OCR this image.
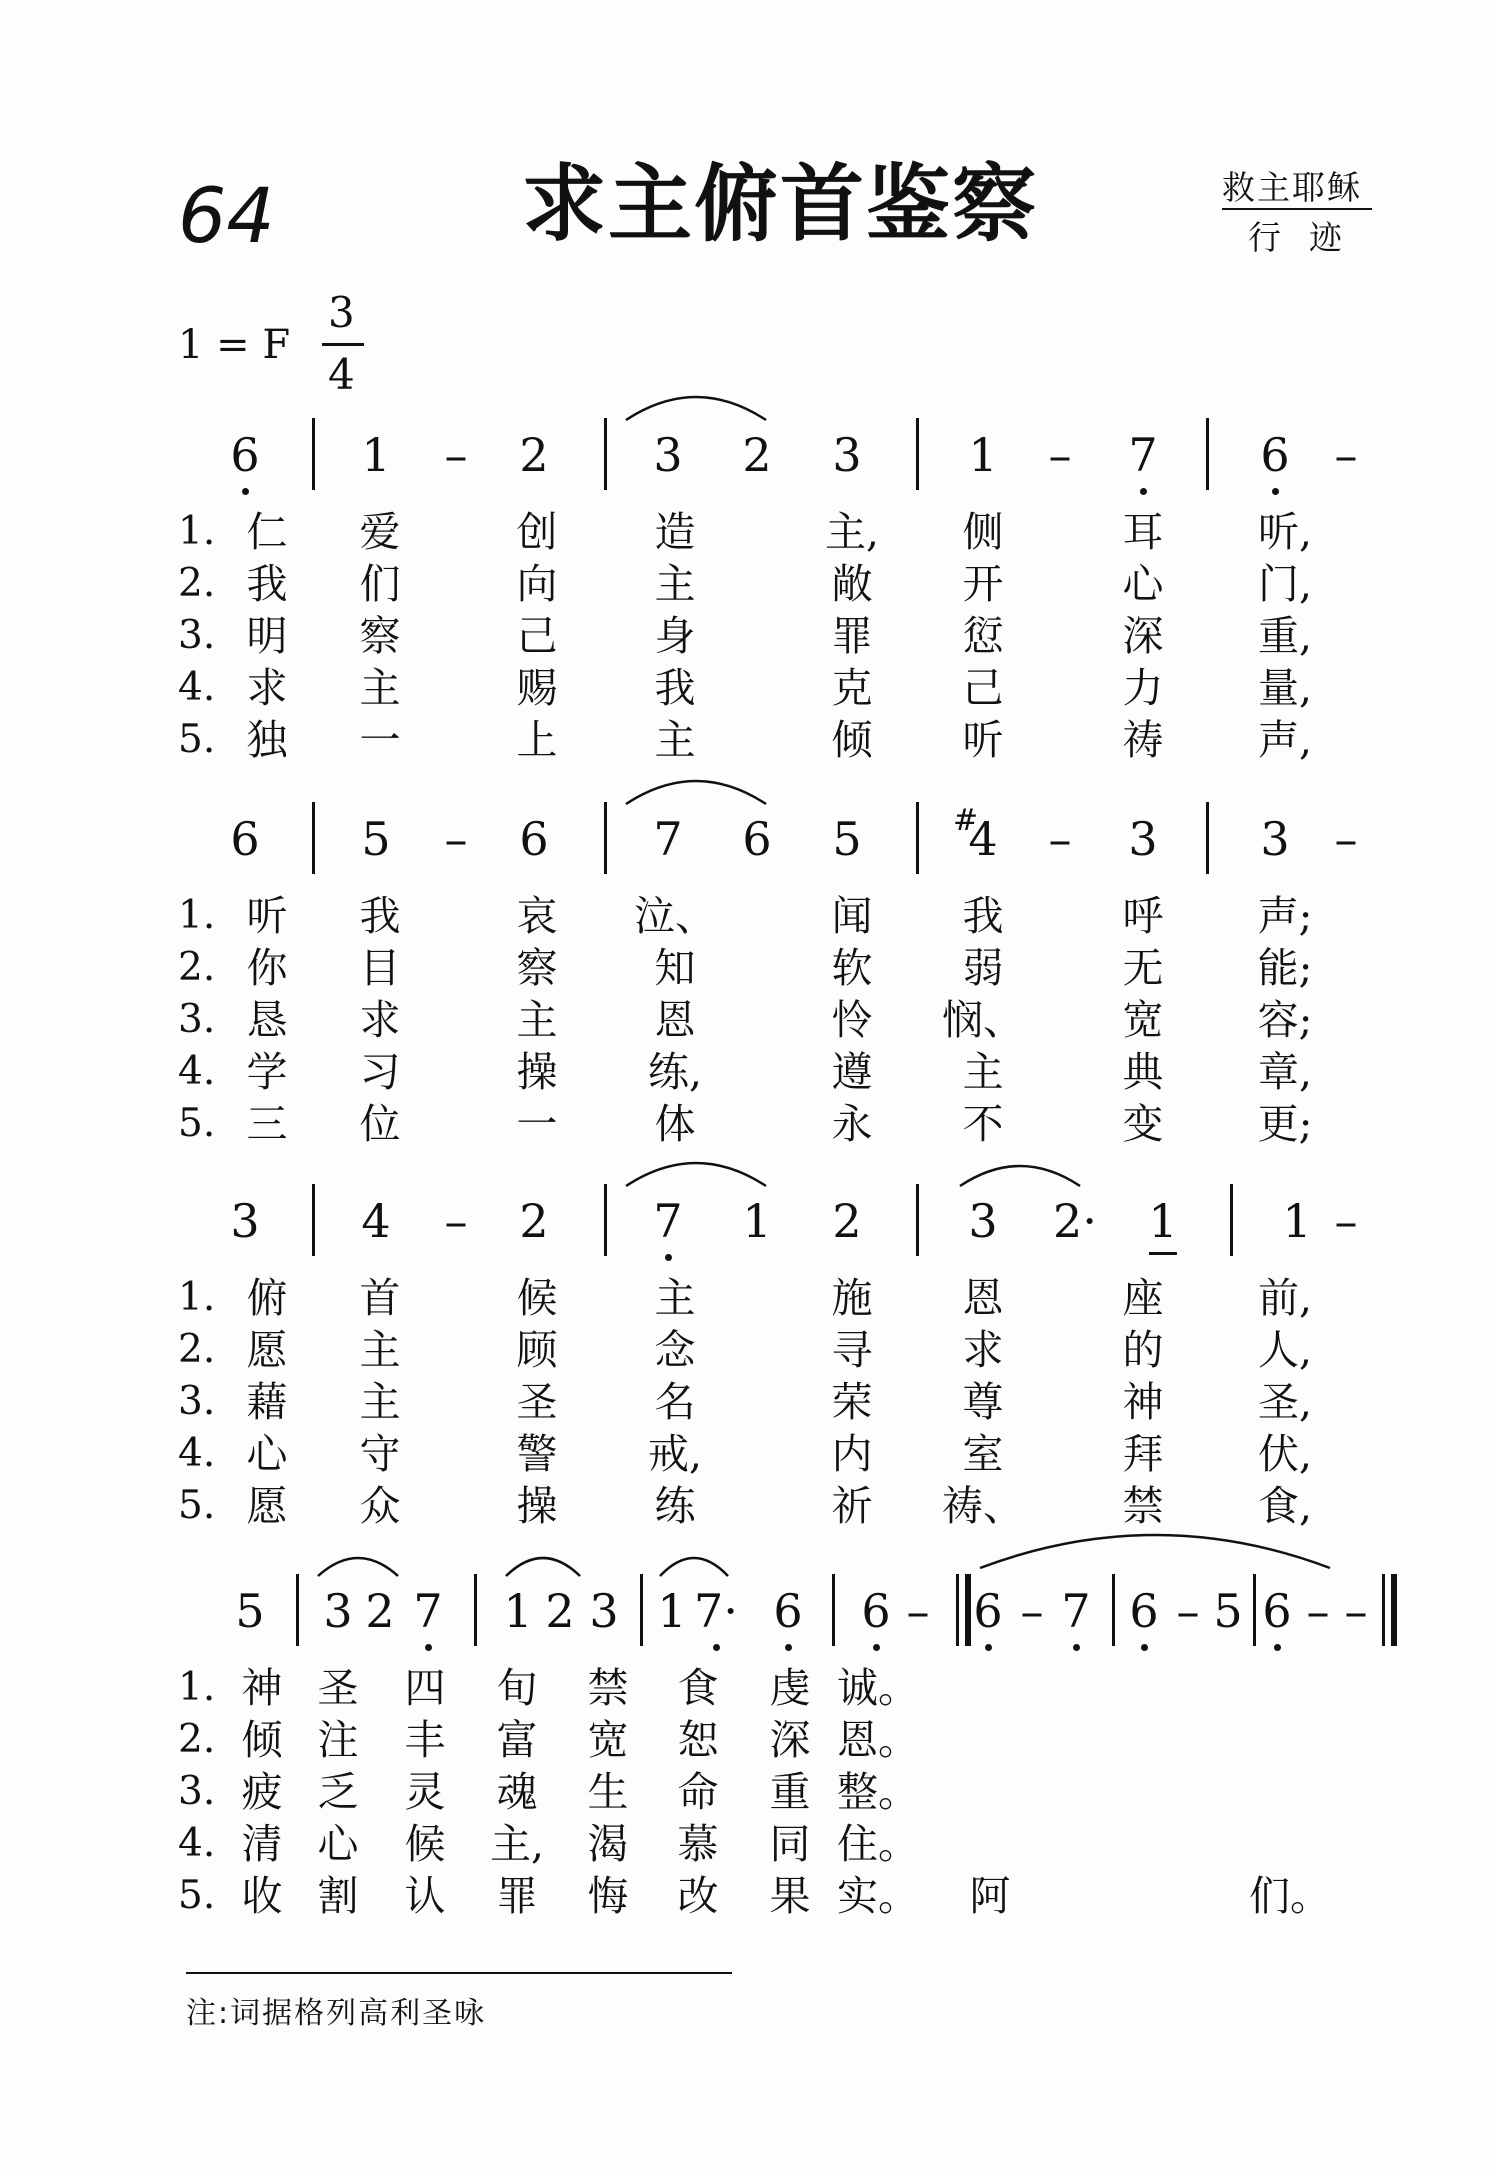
64	求主俯首鉴察	救主耶稣
行迹
1 = F
3
4
6 1 – 2 3 2 3 1 – 7 6 –
1. 仁 爱	创 造	主, 侧	耳 听,
2. 我 们	向 主	敞 开	心 门,
3. 明 察	己 身	罪 愆	深 重,
4. 求 主	赐 我	克 己	力 量,
5. 独 一	上 主	倾 听	祷 声,
6 5 – 6 7 6 5 4 – 3 3 –
#
1. 听 我	哀 泣、	闻 我	呼 声;
2. 你 目	察 知	软 弱	无 能;
3. 恳 求	主 恩	怜 悯、 宽 容;
4. 学 习	操 练,	遵 主	典 章,
5. 三 位	一 体	永 不	变 更;
3 4 – 2 7 1 2 3 2· 1 1 –
1. 俯 首	候 主	施 恩	座 前,
2. 愿 主	顾 念	寻 求	的 人,
3. 藉 主	圣 名	荣 尊	神 圣,
4. 心 守	警 戒,	内 室	拜 伏,
5. 愿 众	操 练	祈 祷、 禁 食,
5 3 2 7 1 2 3 1 7· 6 6 – 6 – 7 6 – 5 6 – –
1. 神 圣 四 旬 禁 食 虔 诚。
2. 倾 注 丰 富 宽 恕 深 恩。
3. 疲 乏 灵 魂 生 命 重 整。
4. 清 心 候 主, 渴 慕 同 住。
5. 收 割 认 罪 悔 改 果 实。 阿	们。
注:词据格列高利圣咏
